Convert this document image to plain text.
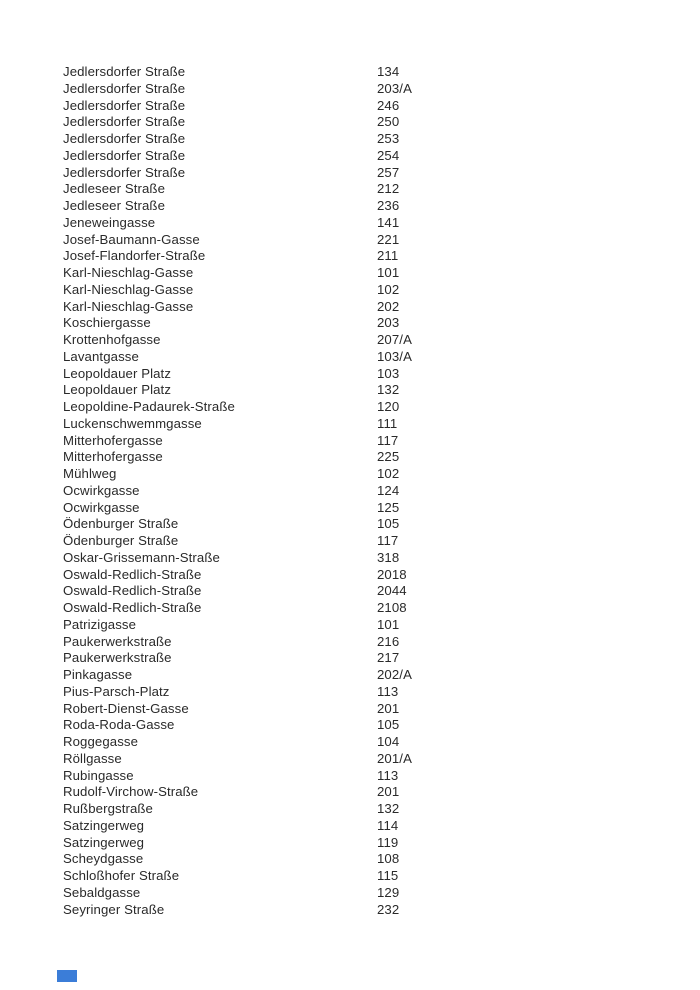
Jedlersdorfer Straße	134
Jedlersdorfer Straße	203/A
Jedlersdorfer Straße	246
Jedlersdorfer Straße	250
Jedlersdorfer Straße	253
Jedlersdorfer Straße	254
Jedlersdorfer Straße	257
Jedleseer Straße	212
Jedleseer Straße	236
Jeneweingasse	141
Josef-Baumann-Gasse	221
Josef-Flandorfer-Straße	211
Karl-Nieschlag-Gasse	101
Karl-Nieschlag-Gasse	102
Karl-Nieschlag-Gasse	202
Koschiergasse	203
Krottenhofgasse	207/A
Lavantgasse	103/A
Leopoldauer Platz	103
Leopoldauer Platz	132
Leopoldine-Padaurek-Straße	120
Luckenschwemmgasse	111
Mitterhofergasse	117
Mitterhofergasse	225
Mühlweg	102
Ocwirkgasse	124
Ocwirkgasse	125
Ödenburger Straße	105
Ödenburger Straße	117
Oskar-Grissemann-Straße	318
Oswald-Redlich-Straße	2018
Oswald-Redlich-Straße	2044
Oswald-Redlich-Straße	2108
Patrizigasse	101
Paukerwerkstraße	216
Paukerwerkstraße	217
Pinkagasse	202/A
Pius-Parsch-Platz	113
Robert-Dienst-Gasse	201
Roda-Roda-Gasse	105
Roggegasse	104
Röllgasse	201/A
Rubingasse	113
Rudolf-Virchow-Straße	201
Rußbergstraße	132
Satzingerweg	114
Satzingerweg	119
Scheydgasse	108
Schloßhofer Straße	115
Sebaldgasse	129
Seyringer Straße	232
